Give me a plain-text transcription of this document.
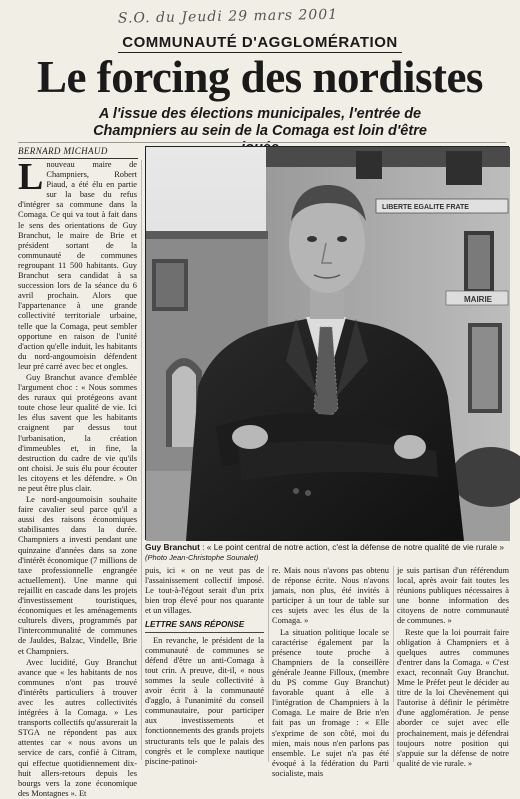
S.O. du Jeudi 29 mars 2001
COMMUNAUTÉ D'AGGLOMÉRATION
Le forcing des nordistes
A l'issue des élections municipales, l'entrée de Champniers au sein de la Comaga est loin d'être
BERNARD MICHAUD

Lnouveau maire de Champniers, Robert Piaud, a été élu en partie sur la base du refus d'intégrer sa commune dans la Comaga. Ce qui va tout à fait dans le sens des orientations de Guy Branchut, le maire de Brie et président sortant de la communauté de communes regroupant 11 500 habitants. Guy Branchut sera candidat à sa succession lors de la séance du 6 avril prochain. Alors que l'appartenance à une grande collectivité territoriale urbaine, telle que la Comaga, peut sembler opportune en raison de l'unité d'action qu'elle induit, les habitants du nord-angoumoisin défendent leur pré carré avec bec et ongles.

Guy Branchut avance d'emblée l'argument choc : « Nous sommes des ruraux qui protégeons avant toute chose leur qualité de vie. Ici les élus savent que les habitants craignent par dessus tout l'urbanisation, la création d'immeubles et, in fine, la destruction du cadre de vie qu'ils ont choisi. Je suis élu pour écouter les citoyens et les défendre. » On ne peut être plus clair.

Le nord-angoumoisin souhaite faire cavalier seul parce qu'il a aussi des raisons économiques stabilisantes dans la durée. Champniers a investi pendant une quinzaine d'années dans sa zone d'intérêt économique (7 millions de taxe professionnelle engrangée actuellement). Une manne qui rejaillit en cascade dans les projets d'investissement touristiques, économiques et les aménagements culturels divers, programmés par l'intercommunalité de communes de Jauldes, Balzac, Vindelle, Brie et Champniers.

Avec lucidité, Guy Branchut avance que « les habitants de nos communes n'ont pas trouvé d'intérêts particuliers à trouver avec les autres collectivités intégrées à la Comaga. » Les transports collectifs qu'assurerait la STGA ne répondent pas aux attentes car « nous avons un service de cars, confié à Citram, qui effectue quotidiennement dix-huit allers-retours depuis les bourgs vers la zone économique des Montagnes ». Et

LIBERTE EGALITE FRATE
MAIRIE
Guy Branchut : « Le point central de notre action, c'est la défense de notre qualité de vie rurale » (Photo Jean-Christophe Sounalet)

puis, ici « on ne veut pas de l'assainissement collectif imposé. Le tout-à-l'égout serait d'un prix bien trop élevé pour nos quarante et un villages.

LETTRE SANS RÉPONSE

En revanche, le président de la communauté de communes se défend d'être un anti-Comaga à tout crin. A preuve, dit-il, « nous sommes la seule collectivité à avoir écrit à la communauté d'agglo, à l'unanimité du conseil communautaire, pour participer aux investissements et fonctionnements des grands projets structurants tels que le palais des congrès et le complexe nautique piscine-patinoi-

re. Mais nous n'avons pas obtenu de réponse écrite. Nous n'avons jamais, non plus, été invités à participer à un tour de table sur ces sujets avec les élus de la Comaga. »

La situation politique locale se caractérise également par la présence toute proche à Champniers de la conseillère générale Jeanne Filloux, (membre du PS comme Guy Branchut) favorable quant à elle à l'intégration de Champniers à la Comaga. Le maire de Brie n'en fait pas un fromage : « Elle s'exprime de son côté, moi du mien, mais nous n'en parlons pas ensemble. Le sujet n'a pas été évoqué à la fédération du Parti socialiste, mais

je suis partisan d'un référendum local, après avoir fait toutes les réunions publiques nécessaires à une bonne information des citoyens de notre communauté de communes. »

Reste que la loi pourrait faire obligation à Champniers et à quelques autres communes d'entrer dans la Comaga. « C'est exact, reconnaît Guy Branchut. Mme le Préfet peut le décider au titre de la loi Chevènement qui l'autorise à définir le périmètre d'une agglomération. Je pense aborder ce sujet avec elle prochainement, mais je défendrai toujours notre position qui s'appuie sur la défense de notre qualité de vie rurale. »
